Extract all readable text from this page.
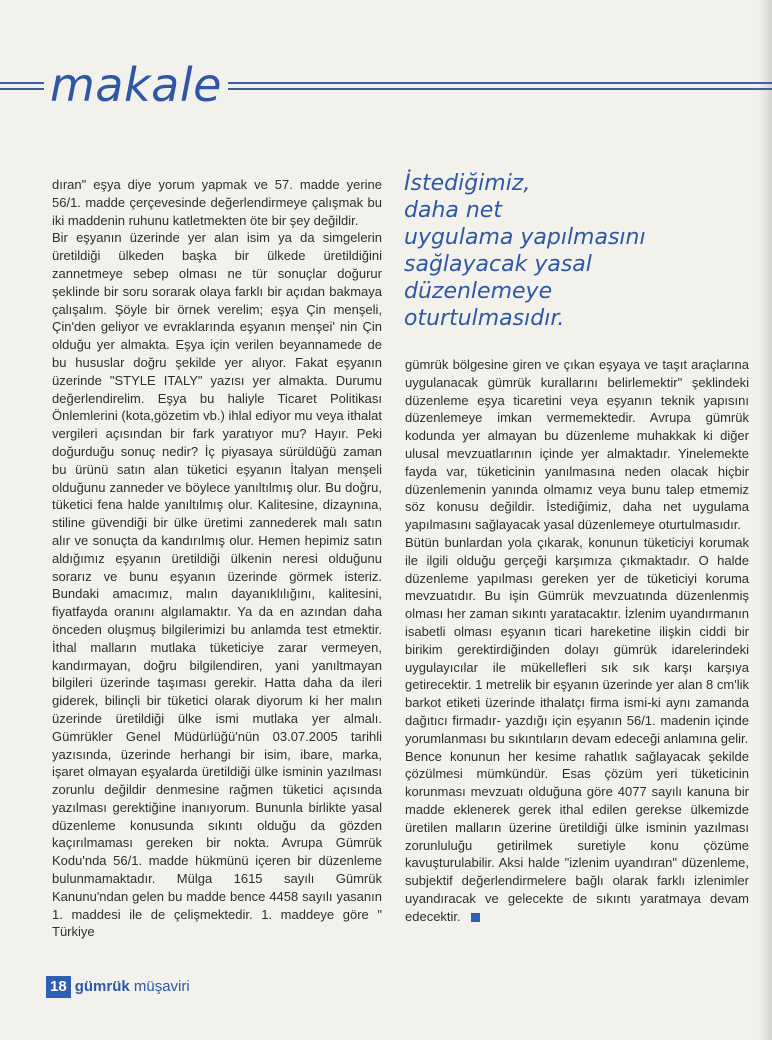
makale

dıran" eşya diye yorum yapmak ve 57. madde yerine 56/1. madde çerçevesinde değerlendirmeye çalışmak bu iki maddenin ruhunu katletmekten öte bir şey değildir.

Bir eşyanın üzerinde yer alan isim ya da simgelerin üretildiği ülkeden başka bir ülkede üretildiğini zannetmeye sebep olması ne tür sonuçlar doğurur şeklinde bir soru sorarak olaya farklı bir açıdan bakmaya çalışalım. Şöyle bir örnek verelim; eşya Çin menşeli, Çin'den geliyor ve evraklarında eşyanın menşei' nin Çin olduğu yer almakta. Eşya için verilen beyannamede de bu hususlar doğru şekilde yer alıyor. Fakat eşyanın üzerinde "STYLE ITALY" yazısı yer almakta. Durumu değerlendirelim. Eşya bu haliyle Ticaret Politikası Önlemlerini (kota,gözetim vb.) ihlal ediyor mu veya ithalat vergileri açısından bir fark yaratıyor mu? Hayır. Peki doğurduğu sonuç nedir? İç piyasaya sürüldüğü zaman bu ürünü satın alan tüketici eşyanın İtalyan menşeli olduğunu zanneder ve böylece yanıltılmış olur. Bu doğru, tüketici fena halde yanıltılmış olur. Kalitesine, dizaynına, stiline güvendiği bir ülke üretimi zannederek malı satın alır ve sonuçta da kandırılmış olur. Hemen hepimiz satın aldığımız eşyanın üretildiği ülkenin neresi olduğunu sorarız ve bunu eşyanın üzerinde görmek isteriz. Bundaki amacımız, malın dayanıklılığını, kalitesini, fiyatfayda oranını algılamaktır. Ya da en azından daha önceden oluşmuş bilgilerimizi bu anlamda test etmektir. İthal malların mutlaka tüketiciye zarar vermeyen, kandırmayan, doğru bilgilendiren, yani yanıltmayan bilgileri üzerinde taşıması gerekir. Hatta daha da ileri giderek, bilinçli bir tüketici olarak diyorum ki her malın üzerinde üretildiği ülke ismi mutlaka yer almalı. Gümrükler Genel Müdürlüğü'nün 03.07.2005 tarihli yazısında, üzerinde herhangi bir isim, ibare, marka, işaret olmayan eşyalarda üretildiği ülke isminin yazılması zorunlu değildir denmesine rağmen tüketici açısında yazılması gerektiğine inanıyorum. Bununla birlikte yasal düzenleme konusunda sıkıntı olduğu da gözden kaçırılmaması gereken bir nokta. Avrupa Gümrük Kodu'nda 56/1. madde hükmünü içeren bir düzenleme bulunmamaktadır. Mülga 1615 sayılı Gümrük Kanunu'ndan gelen bu madde bence 4458 sayılı yasanın 1. maddesi ile de çelişmektedir. 1. maddeye göre " Türkiye

İstediğimiz,
daha net
uygulama yapılmasını
sağlayacak yasal
düzenlemeye
oturtulmasıdır.

gümrük bölgesine giren ve çıkan eşyaya ve taşıt araçlarına uygulanacak gümrük kurallarını belirlemektir" şeklindeki düzenleme eşya ticaretini veya eşyanın teknik yapısını düzenlemeye imkan vermemektedir. Avrupa gümrük kodunda yer almayan bu düzenleme muhakkak ki diğer ulusal mevzuatlarının içinde yer almaktadır. Yinelemekte fayda var, tüketicinin yanılmasına neden olacak hiçbir düzenlemenin yanında olmamız veya bunu talep etmemiz söz konusu değildir. İstediğimiz, daha net uygulama yapılmasını sağlayacak yasal düzenlemeye oturtulmasıdır.

Bütün bunlardan yola çıkarak, konunun tüketiciyi korumak ile ilgili olduğu gerçeği karşımıza çıkmaktadır. O halde düzenleme yapılması gereken yer de tüketiciyi koruma mevzuatıdır. Bu işin Gümrük mevzuatında düzenlenmiş olması her zaman sıkıntı yaratacaktır. İzlenim uyandırmanın isabetli olması eşyanın ticari hareketine ilişkin ciddi bir birikim gerektirdiğinden dolayı gümrük idarelerindeki uygulayıcılar ile mükellefleri sık sık karşı karşıya getirecektir. 1 metrelik bir eşyanın üzerinde yer alan 8 cm'lik barkot etiketi üzerinde ithalatçı firma ismi-ki aynı zamanda dağıtıcı firmadır- yazdığı için eşyanın 56/1. madenin içinde yorumlanması bu sıkıntıların devam edeceği anlamına gelir.

Bence konunun her kesime rahatlık sağlayacak şekilde çözülmesi mümkündür. Esas çözüm yeri tüketicinin korunması mevzuatı olduğuna göre 4077 sayılı kanuna bir madde eklenerek gerek ithal edilen gerekse ülkemizde üretilen malların üzerine üretildiği ülke isminin yazılması zorunluluğu getirilmek suretiyle konu çözüme kavuşturulabilir. Aksi halde "izlenim uyandıran" düzenleme, subjektif değerlendirmelere bağlı olarak farklı izlenimler uyandıracak ve gelecekte de sıkıntı yaratmaya devam edecektir.

18 gümrük müşaviri
